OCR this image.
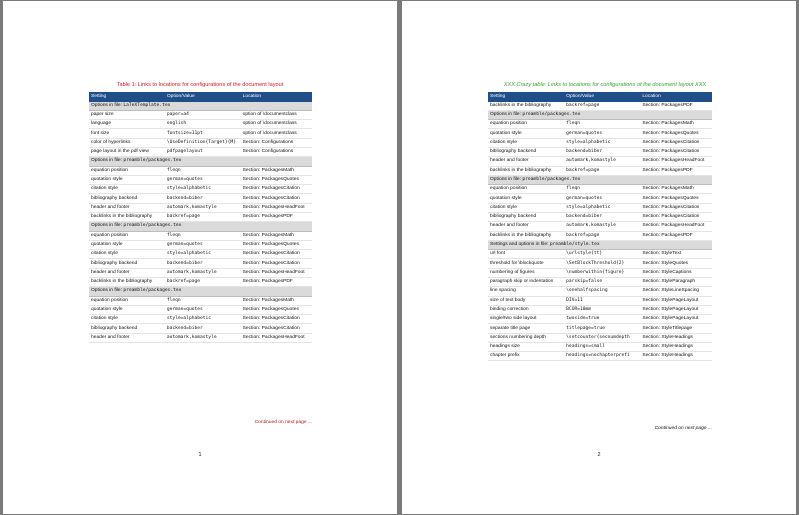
Table 1: Links to locations for configurations of the document layout
Setting	Option/Value	Location
Options in file: LaTeXTemplate.tex		
paper size	paper=a4	option of \documentclass
language	english	option of \documentclass
font size	fontsize=11pt	option of \documentclass
color of hyperlinks	\UseDefinition{Target}{M}	Section: Configurations
page layout in the pdf view	pdfpagelayout	Section: Configurations
Options in file: preamble/packages.tex		
equation position	fleqn	Section: PackagesMath
quotation style	german=quotes	Section: PackagesQuotes
citation style	style=alphabetic	Section: PackagesCitation
bibliography backend	backend=biber	Section: PackagesCitation
header and footer	automark,komastyle	Section: PackagesHeadFoot
backlinks in the bibliography	backref=page	Section: PackagesPDF
Options in file: preamble/packages.tex		
equation position	fleqn	Section: PackagesMath
quotation style	german=quotes	Section: PackagesQuotes
citation style	style=alphabetic	Section: PackagesCitation
bibliography backend	backend=biber	Section: PackagesCitation
header and footer	automark,komastyle	Section: PackagesHeadFoot
backlinks in the bibliography	backref=page	Section: PackagesPDF
Options in file: preamble/packages.tex		
equation position	fleqn	Section: PackagesMath
quotation style	german=quotes	Section: PackagesQuotes
citation style	style=alphabetic	Section: PackagesCitation
bibliography backend	backend=biber	Section: PackagesCitation
header and footer	automark,komastyle	Section: PackagesHeadFoot
Continued on next page ...
1
XXX Crazy table: Links to locations for configurations of the document layout XXX
Setting	Option/Value	Location
backlinks in the bibliography	backref=page	Section: PackagesPDF
Options in file: preamble/packages.tex		
equation position	fleqn	Section: PackagesMath
quotation style	german=quotes	Section: PackagesQuotes
citation style	style=alphabetic	Section: PackagesCitation
bibliography backend	backend=biber	Section: PackagesCitation
header and footer	automark,komastyle	Section: PackagesHeadFoot
backlinks in the bibliography	backref=page	Section: PackagesPDF
Options in file: preamble/packages.tex		
equation position	fleqn	Section: PackagesMath
quotation style	german=quotes	Section: PackagesQuotes
citation style	style=alphabetic	Section: PackagesCitation
bibliography backend	backend=biber	Section: PackagesCitation
header and footer	automark,komastyle	Section: PackagesHeadFoot
backlinks in the bibliography	backref=page	Section: PackagesPDF
Settings and options in file: preamble/style.tex		
url font	\urlstyle{tt}	Section: StyleText
threshold for \blockquote	\SetBlockThreshold{2}	Section: StyleQuotes
numbering of figures	\numberwithin{figure}	Section: StyleCaptions
paragraph skip or indentation	parskip=false	Section: StyleParagraph
line spacing	\onehalfspacing	Section: StyleLineSpacing
size of text body	DIV=11	Section: StylePageLayout
binding correction	BCOR=10mm	Section: StylePageLayout
single/two side layout	twoside=true	Section: StylePageLayout
separate title page	titlepage=true	Section: StyleTitlepage
sections numbering depth	\setcounter{secnumdepth	Section: StyleHeadings
headings size	headings=small	Section: StyleHeadings
chapter prefix	headings=nochapterprefi	Section: StyleHeadings
Continued on next page ...
2
